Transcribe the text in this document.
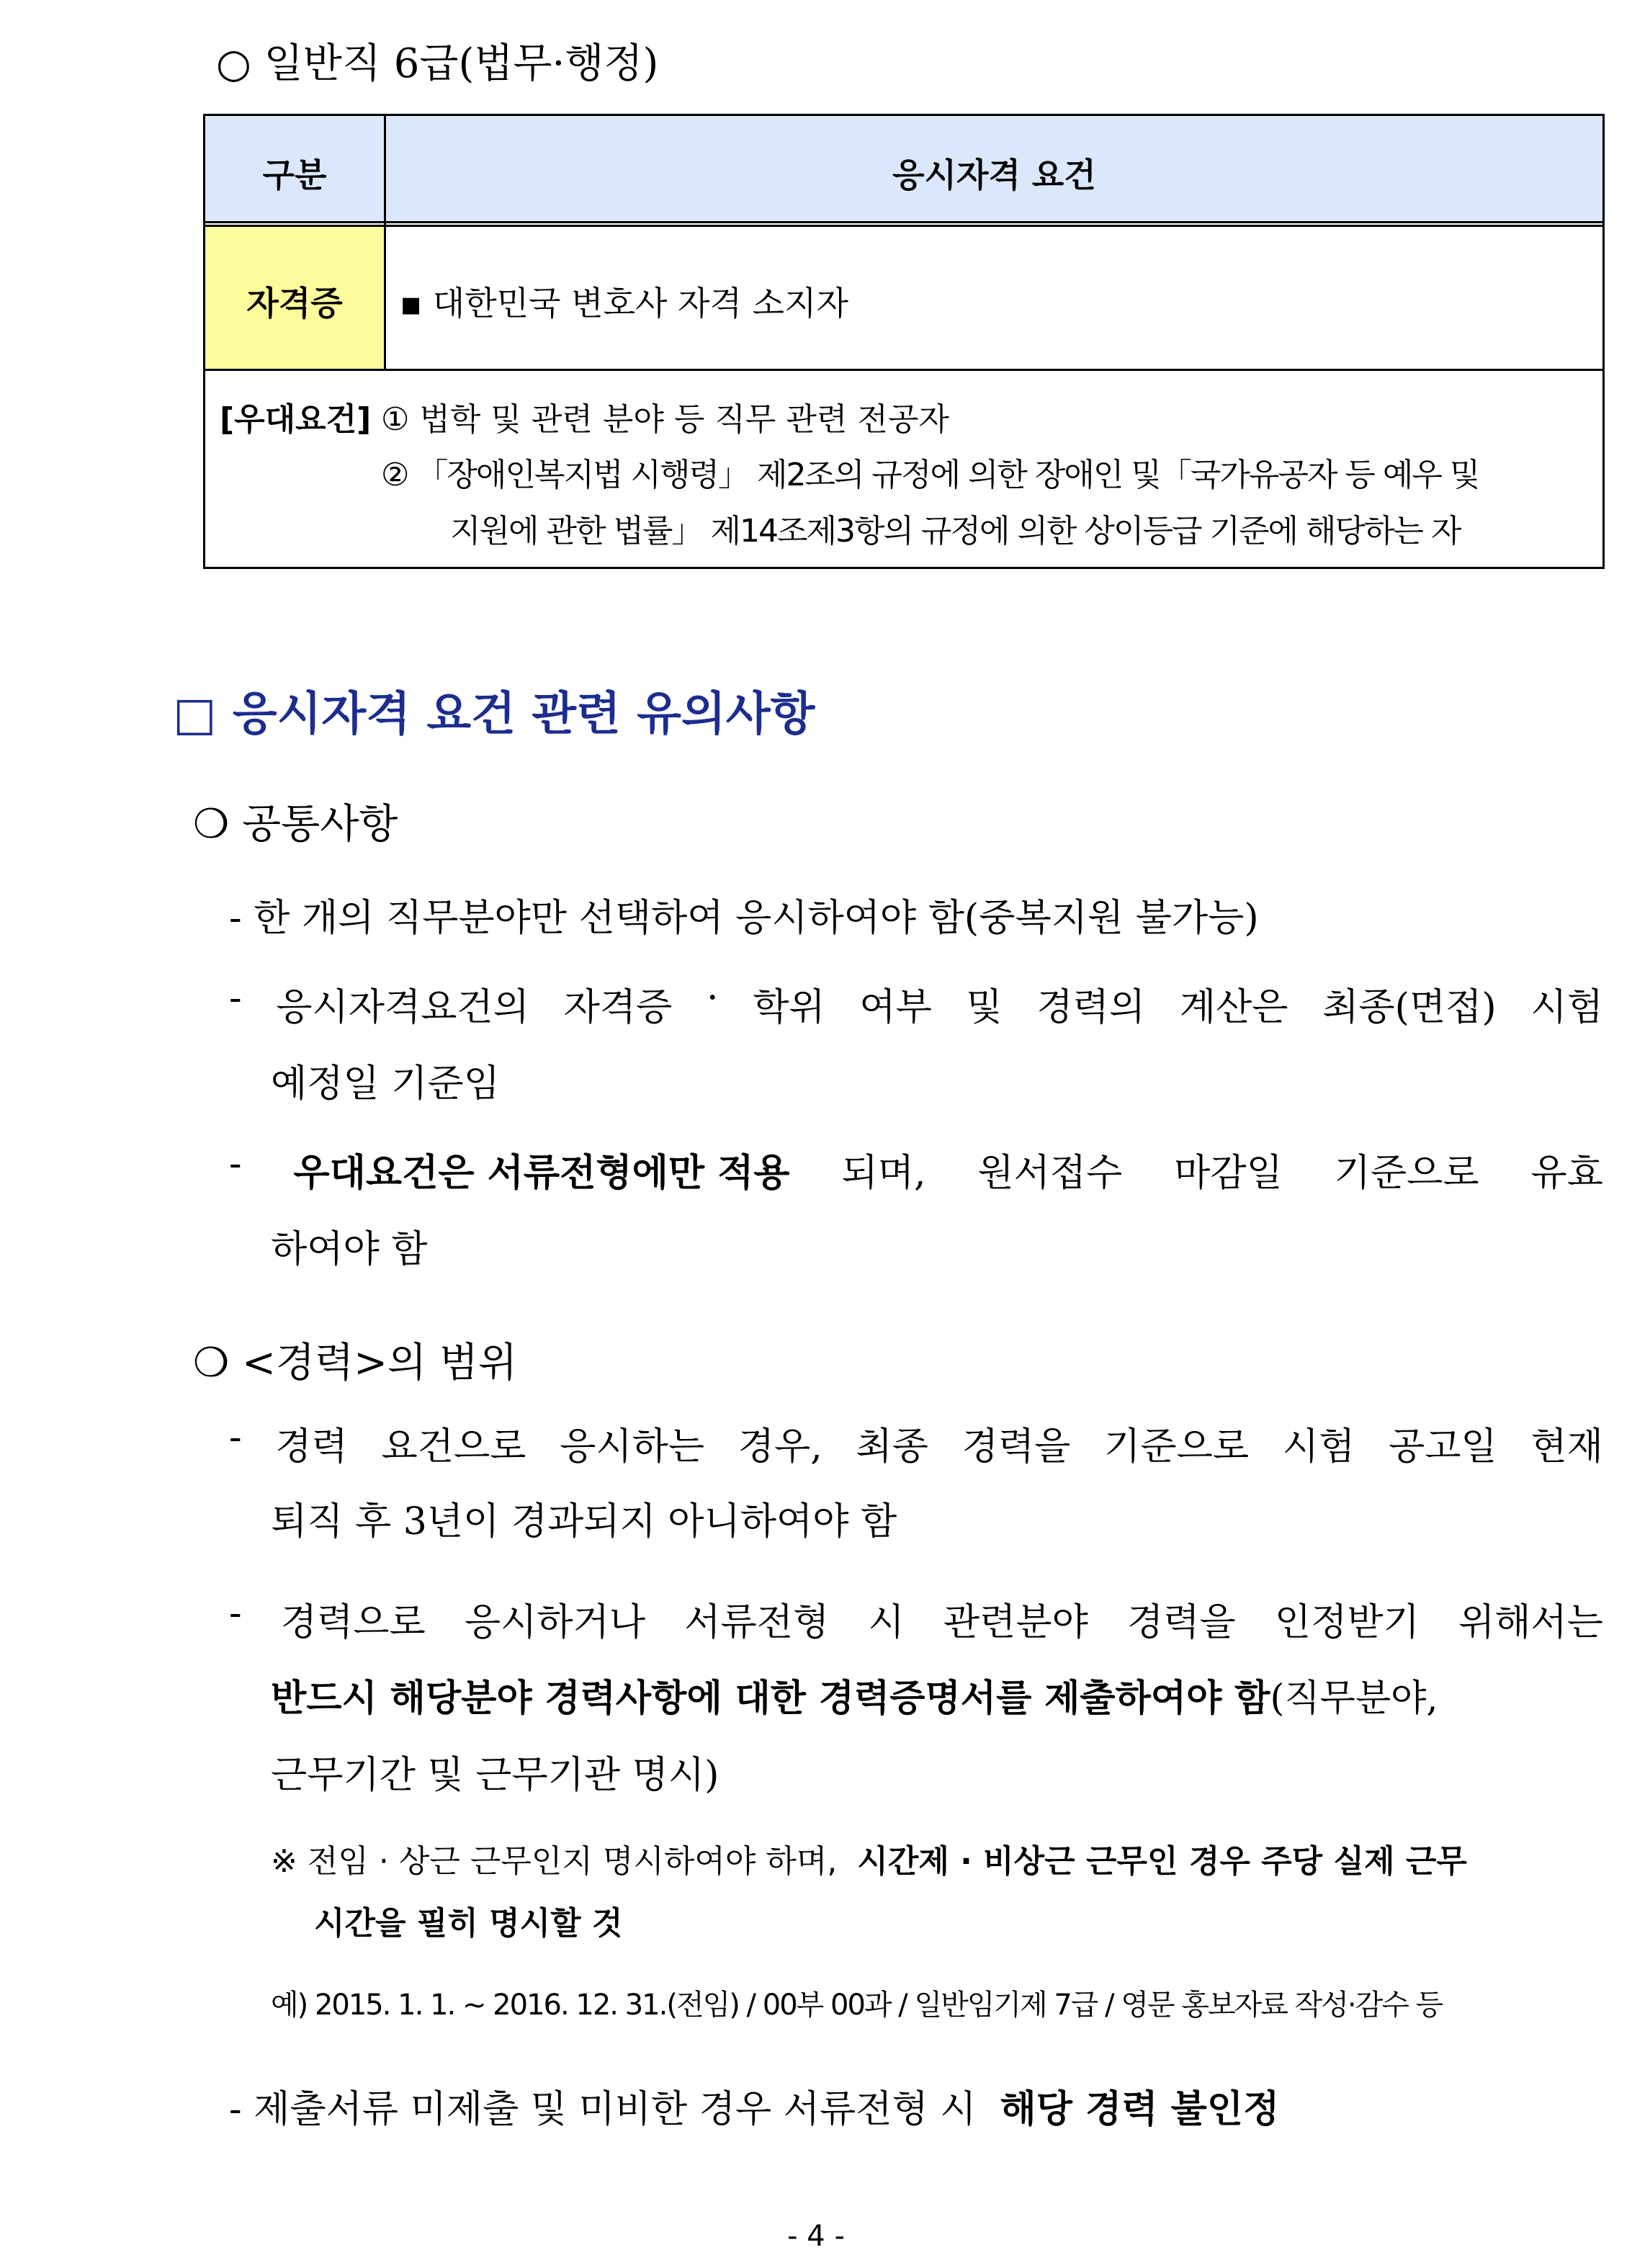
○ 일반직 6급(법무·행정)
구분	응시자격 요건
자격증	▪ 대한민국 변호사 자격 소지자
[우대요건] ① 법학 및 관련 분야 등 직무 관련 전공자
② 「장애인복지법 시행령」 제2조의 규정에 의한 장애인 및「국가유공자 등 예우 및
지원에 관한 법률」 제14조제3항의 규정에 의한 상이등급 기준에 해당하는 자
□ 응시자격 요건 관련 유의사항
❍ 공통사항
- 한 개의 직무분야만 선택하여 응시하여야 함(중복지원 불가능)
- 응시자격요건의 자격증 · 학위 여부 및 경력의 계산은 최종(면접) 시험
예정일 기준임
- 우대요건은 서류전형에만 적용 되며, 원서접수 마감일 기준으로 유효
하여야 함
❍ <경력>의 범위
- 경력 요건으로 응시하는 경우, 최종 경력을 기준으로 시험 공고일 현재
퇴직 후 3년이 경과되지 아니하여야 함
- 경력으로 응시하거나 서류전형 시 관련분야 경력을 인정받기 위해서는
반드시 해당분야 경력사항에 대한 경력증명서를 제출하여야 함(직무분야,
근무기간 및 근무기관 명시)
※ 전임 · 상근 근무인지 명시하여야 하며, 시간제 · 비상근 근무인 경우 주당 실제 근무
시간을 필히 명시할 것
예) 2015. 1. 1. ~ 2016. 12. 31.(전임) / 00부 00과 / 일반임기제 7급 / 영문 홍보자료 작성·감수 등
- 제출서류 미제출 및 미비한 경우 서류전형 시 해당 경력 불인정
- 4 -
